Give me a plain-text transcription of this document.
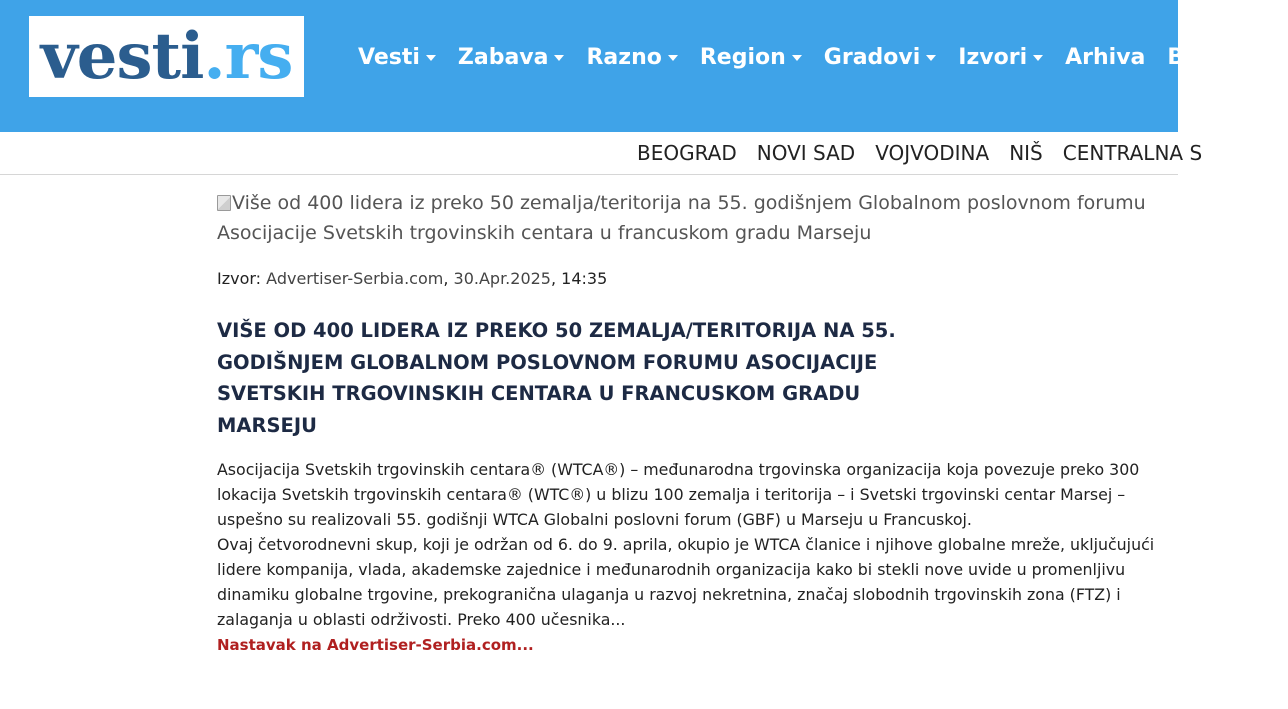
vesti .rs	Vesti Zabava Razno Region Gradovi Izvori Arhiva Blog M
BEOGRAD NOVI SAD VOJVODINA NIŠ CENTRALNA S
Više od 400 lidera iz preko 50 zemalja/teritorija na 55. godišnjem Globalnom poslovnom forumu Asocijacije Svetskih trgovinskih centara u francuskom gradu Marseju
Izvor: Advertiser-Serbia.com, 30.Apr.2025, 14:35
VIŠE OD 400 LIDERA IZ PREKO 50 ZEMALJA/TERITORIJA NA 55. GODIŠNJEM GLOBALNOM POSLOVNOM FORUMU ASOCIJACIJE SVETSKIH TRGOVINSKIH CENTARA U FRANCUSKOM GRADU MARSEJU

Asocijacija Svetskih trgovinskih centara® (WTCA®) – međunarodna trgovinska organizacija koja povezuje preko 300 lokacija Svetskih trgovinskih centara® (WTC®) u blizu 100 zemalja i teritorija – i Svetski trgovinski centar Marsej – uspešno su realizovali 55. godišnji WTCA Globalni poslovni forum (GBF) u Marseju u Francuskoj.

Ovaj četvorodnevni skup, koji je održan od 6. do 9. aprila, okupio je WTCA članice i njihove globalne mreže, uključujući lidere kompanija, vlada, akademske zajednice i međunarodnih organizacija kako bi stekli nove uvide u promenljivu dinamiku globalne trgovine, prekogranična ulaganja u razvoj nekretnina, značaj slobodnih trgovinskih zona (FTZ) i zalaganja u oblasti održivosti. Preko 400 učesnika...

Nastavak na Advertiser-Serbia.com...
